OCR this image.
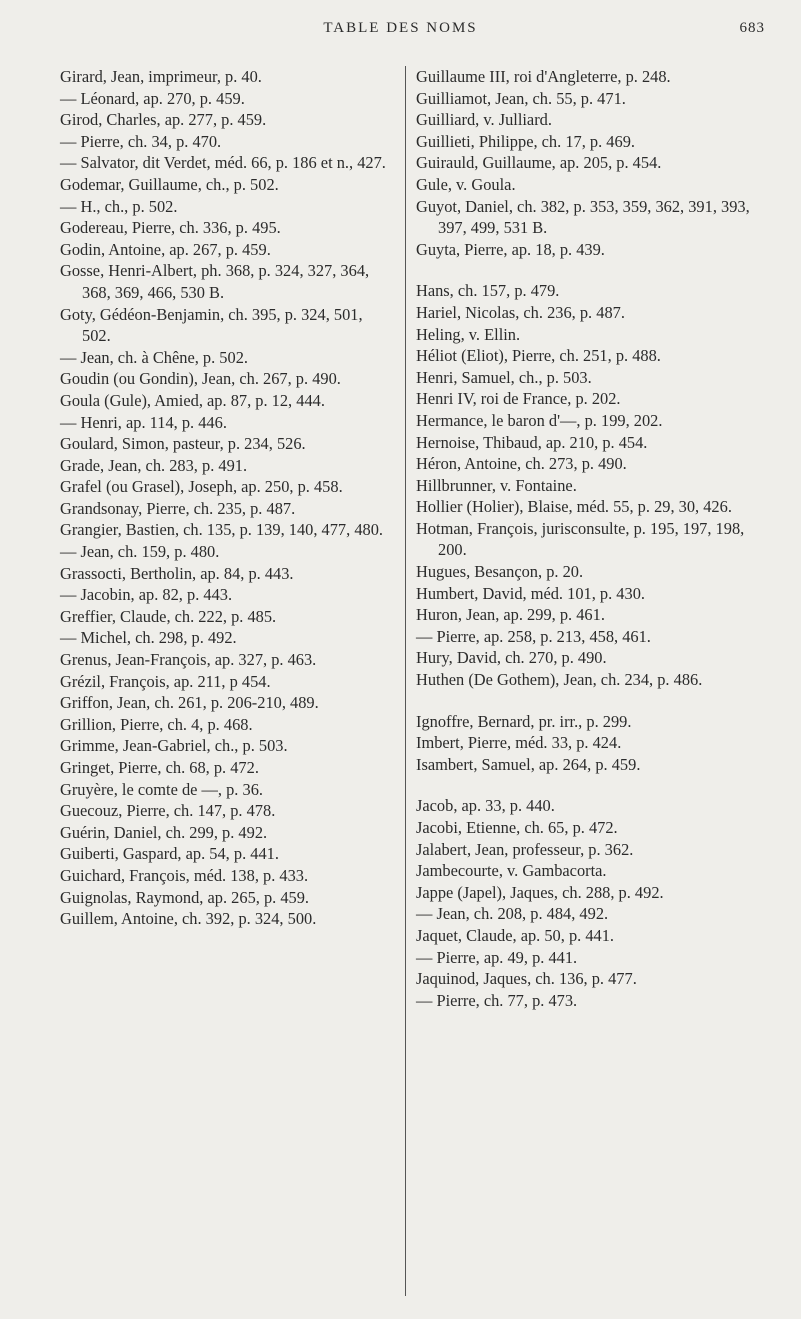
TABLE DES NOMS	683

Girard, Jean, imprimeur, p. 40.

— Léonard, ap. 270, p. 459.

Girod, Charles, ap. 277, p. 459.

— Pierre, ch. 34, p. 470.

— Salvator, dit Verdet, méd. 66, p. 186 et n., 427.

Godemar, Guillaume, ch., p. 502.

— H., ch., p. 502.

Godereau, Pierre, ch. 336, p. 495.

Godin, Antoine, ap. 267, p. 459.

Gosse, Henri-Albert, ph. 368, p. 324, 327, 364, 368, 369, 466, 530 B.

Goty, Gédéon-Benjamin, ch. 395, p. 324, 501, 502.

— Jean, ch. à Chêne, p. 502.

Goudin (ou Gondin), Jean, ch. 267, p. 490.

Goula (Gule), Amied, ap. 87, p. 12, 444.

— Henri, ap. 114, p. 446.

Goulard, Simon, pasteur, p. 234, 526.

Grade, Jean, ch. 283, p. 491.

Grafel (ou Grasel), Joseph, ap. 250, p. 458.

Grandsonay, Pierre, ch. 235, p. 487.

Grangier, Bastien, ch. 135, p. 139, 140, 477, 480.

— Jean, ch. 159, p. 480.

Grassocti, Bertholin, ap. 84, p. 443.

— Jacobin, ap. 82, p. 443.

Greffier, Claude, ch. 222, p. 485.

— Michel, ch. 298, p. 492.

Grenus, Jean-François, ap. 327, p. 463.

Grézil, François, ap. 211, p 454.

Griffon, Jean, ch. 261, p. 206-210, 489.

Grillion, Pierre, ch. 4, p. 468.

Grimme, Jean-Gabriel, ch., p. 503.

Gringet, Pierre, ch. 68, p. 472.

Gruyère, le comte de —, p. 36.

Guecouz, Pierre, ch. 147, p. 478.

Guérin, Daniel, ch. 299, p. 492.

Guiberti, Gaspard, ap. 54, p. 441.

Guichard, François, méd. 138, p. 433.

Guignolas, Raymond, ap. 265, p. 459.

Guillem, Antoine, ch. 392, p. 324, 500.

Guillaume III, roi d'Angleterre, p. 248.

Guilliamot, Jean, ch. 55, p. 471.

Guilliard, v. Julliard.

Guillieti, Philippe, ch. 17, p. 469.

Guirauld, Guillaume, ap. 205, p. 454.

Gule, v. Goula.

Guyot, Daniel, ch. 382, p. 353, 359, 362, 391, 393, 397, 499, 531 B.

Guyta, Pierre, ap. 18, p. 439.

Hans, ch. 157, p. 479.

Hariel, Nicolas, ch. 236, p. 487.

Heling, v. Ellin.

Héliot (Eliot), Pierre, ch. 251, p. 488.

Henri, Samuel, ch., p. 503.

Henri IV, roi de France, p. 202.

Hermance, le baron d'—, p. 199, 202.

Hernoise, Thibaud, ap. 210, p. 454.

Héron, Antoine, ch. 273, p. 490.

Hillbrunner, v. Fontaine.

Hollier (Holier), Blaise, méd. 55, p. 29, 30, 426.

Hotman, François, jurisconsulte, p. 195, 197, 198, 200.

Hugues, Besançon, p. 20.

Humbert, David, méd. 101, p. 430.

Huron, Jean, ap. 299, p. 461.

— Pierre, ap. 258, p. 213, 458, 461.

Hury, David, ch. 270, p. 490.

Huthen (De Gothem), Jean, ch. 234, p. 486.

Ignoffre, Bernard, pr. irr., p. 299.

Imbert, Pierre, méd. 33, p. 424.

Isambert, Samuel, ap. 264, p. 459.

Jacob, ap. 33, p. 440.

Jacobi, Etienne, ch. 65, p. 472.

Jalabert, Jean, professeur, p. 362.

Jambecourte, v. Gambacorta.

Jappe (Japel), Jaques, ch. 288, p. 492.

— Jean, ch. 208, p. 484, 492.

Jaquet, Claude, ap. 50, p. 441.

— Pierre, ap. 49, p. 441.

Jaquinod, Jaques, ch. 136, p. 477.

— Pierre, ch. 77, p. 473.
